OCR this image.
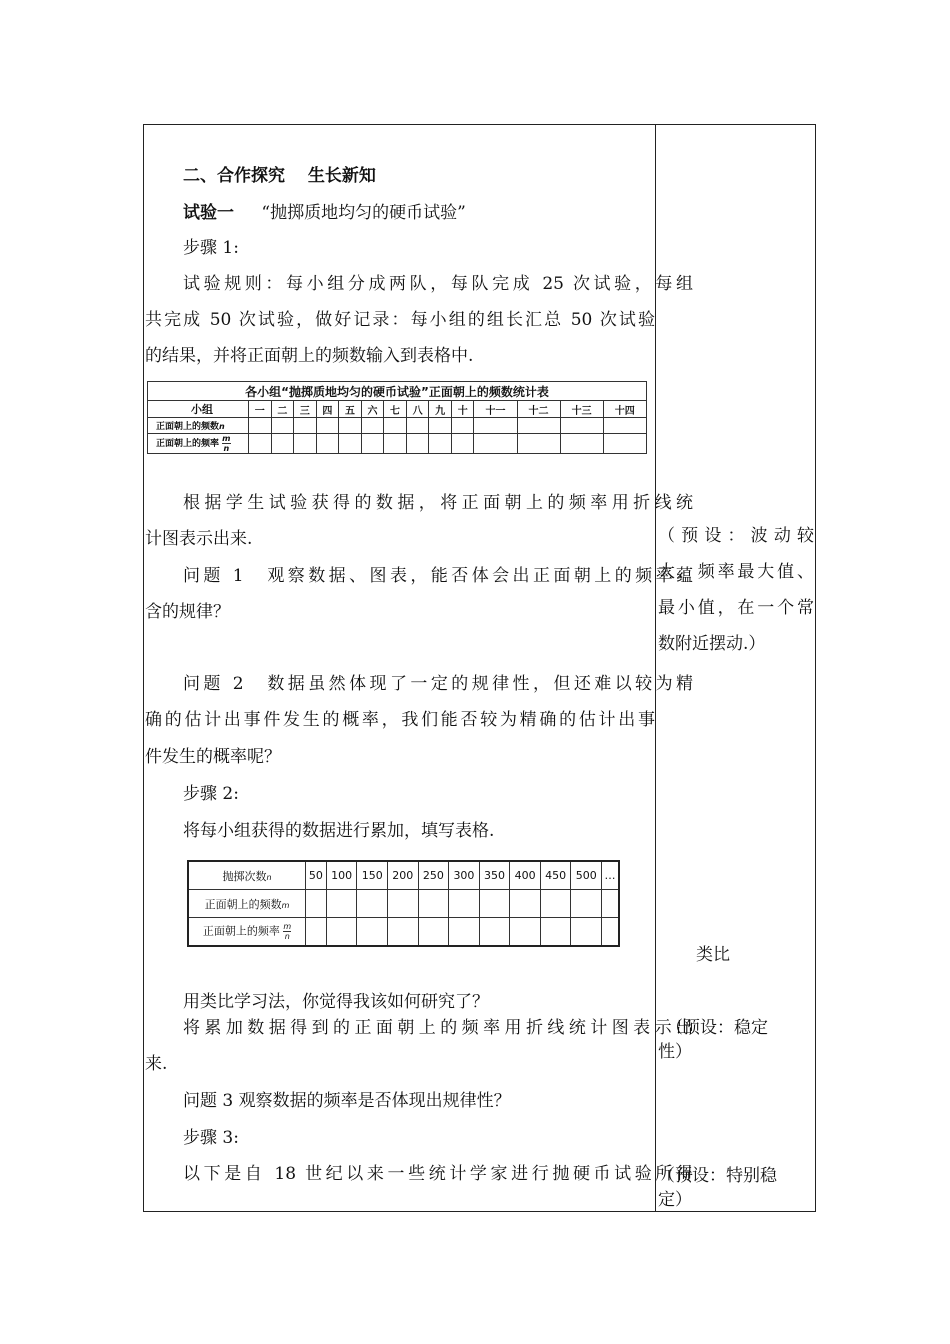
二、合作探究　 生长新知
试验一 “抛掷质地均匀的硬币试验”
步骤 1:
试验规则：每小组分成两队，每队完成 25 次试验，每组
共完成 50 次试验，做好记录：每小组的组长汇总 50 次试验
的结果，并将正面朝上的频数输入到表格中.
根据学生试验获得的数据，将正面朝上的频率用折线统
计图表示出来.
问题 1　观察数据、图表，能否体会出正面朝上的频率蕴
含的规律？
问题 2　数据虽然体现了一定的规律性，但还难以较为精
确的估计出事件发生的概率，我们能否较为精确的估计出事
件发生的概率呢？
步骤 2:
将每小组获得的数据进行累加，填写表格.
用类比学习法，你觉得我该如何研究了？
将累加数据得到的正面朝上的频率用折线统计图表示出
来.
问题 3 观察数据的频率是否体现出规律性？
步骤 3:
以下是自 18 世纪以来一些统计学家进行抛硬币试验所得
各小组“抛掷质地均匀的硬币试验”正面朝上的频数统计表														
小组	一	二	三	四	五	六	七	八	九	十	十一	十二	十三	十四
正面朝上的频数n														
正面朝上的频率 $\frac{m}{n}$

抛掷次数n	50	100	150	200	250	300	350	400	450	500	…
正面朝上的频数m											
正面朝上的频率 $\frac{m}{n}$

（预设：波动较
大，频率最大值、
最小值，在一个常
数附近摆动.）
类比
（预设：稳定
性）
（预设：特别稳
定）
